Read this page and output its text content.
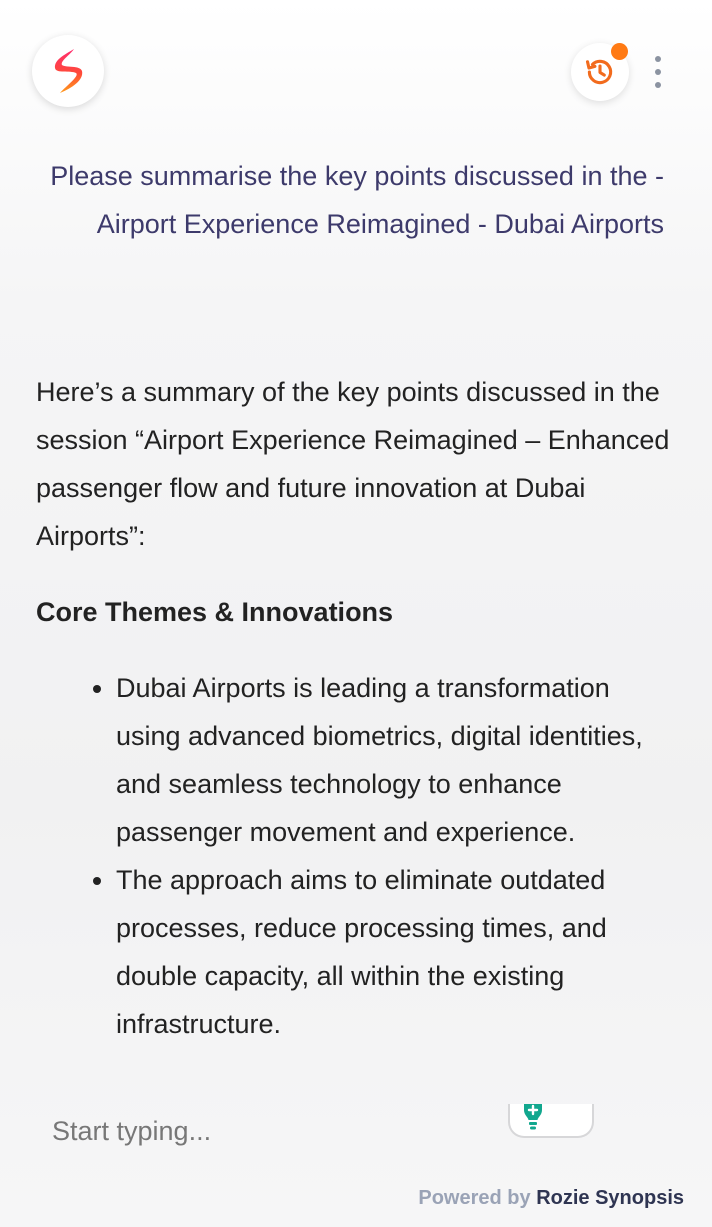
Please summarise the key points discussed in the - Airport Experience Reimagined - Dubai Airports

Here’s a summary of the key points discussed in the session “Airport Experience Reimagined – Enhanced passenger flow and future innovation at Dubai Airports”:

Core Themes & Innovations
• Dubai Airports is leading a transformation using advanced biometrics, digital identities, and seamless technology to enhance passenger movement and experience.
• The approach aims to eliminate outdated processes, reduce processing times, and double capacity, all within the existing infrastructure.
Start typing...
Powered by Rozie Synopsis
